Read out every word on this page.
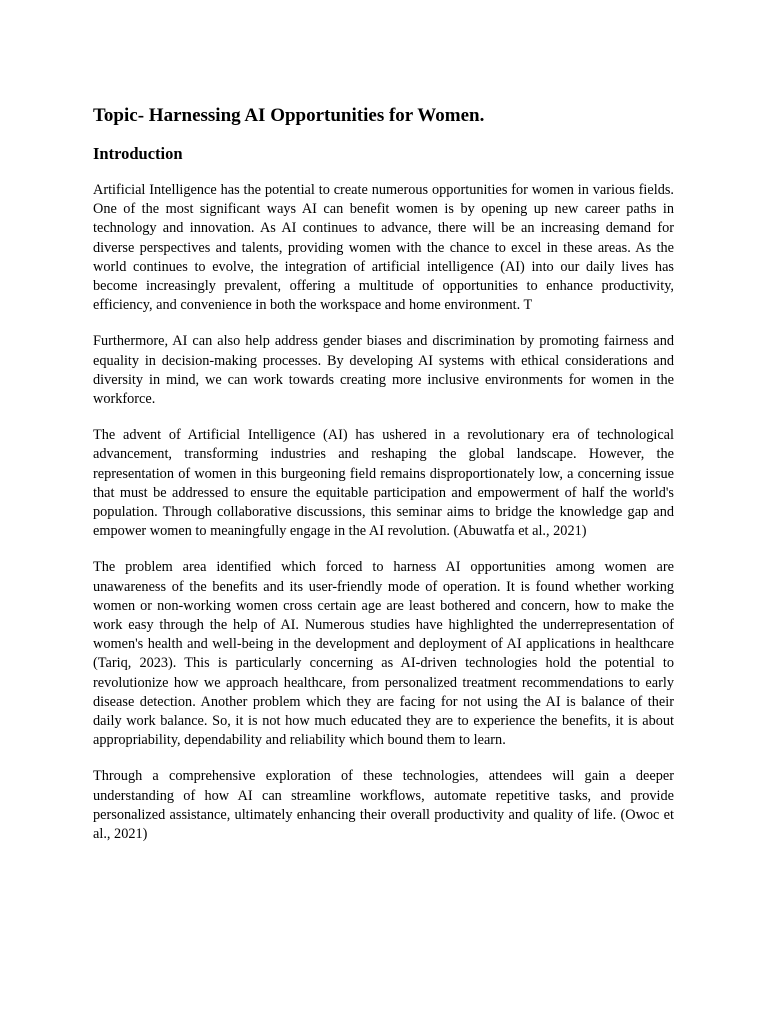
Topic- Harnessing AI Opportunities for Women.
Introduction

Artificial Intelligence has the potential to create numerous opportunities for women in various fields. One of the most significant ways AI can benefit women is by opening up new career paths in technology and innovation. As AI continues to advance, there will be an increasing demand for diverse perspectives and talents, providing women with the chance to excel in these areas. As the world continues to evolve, the integration of artificial intelligence (AI) into our daily lives has become increasingly prevalent, offering a multitude of opportunities to enhance productivity, efficiency, and convenience in both the workspace and home environment. T

Furthermore, AI can also help address gender biases and discrimination by promoting fairness and equality in decision-making processes. By developing AI systems with ethical considerations and diversity in mind, we can work towards creating more inclusive environments for women in the workforce.

The advent of Artificial Intelligence (AI) has ushered in a revolutionary era of technological advancement, transforming industries and reshaping the global landscape. However, the representation of women in this burgeoning field remains disproportionately low, a concerning issue that must be addressed to ensure the equitable participation and empowerment of half the world's population. Through collaborative discussions, this seminar aims to bridge the knowledge gap and empower women to meaningfully engage in the AI revolution. (Abuwatfa et al., 2021)

The problem area identified which forced to harness AI opportunities among women are unawareness of the benefits and its user-friendly mode of operation. It is found whether working women or non-working women cross certain age are least bothered and concern, how to make the work easy through the help of AI. Numerous studies have highlighted the underrepresentation of women's health and well-being in the development and deployment of AI applications in healthcare (Tariq, 2023). This is particularly concerning as AI-driven technologies hold the potential to revolutionize how we approach healthcare, from personalized treatment recommendations to early disease detection. Another problem which they are facing for not using the AI is balance of their daily work balance. So, it is not how much educated they are to experience the benefits, it is about appropriability, dependability and reliability which bound them to learn.

Through a comprehensive exploration of these technologies, attendees will gain a deeper understanding of how AI can streamline workflows, automate repetitive tasks, and provide personalized assistance, ultimately enhancing their overall productivity and quality of life. (Owoc et al., 2021)
